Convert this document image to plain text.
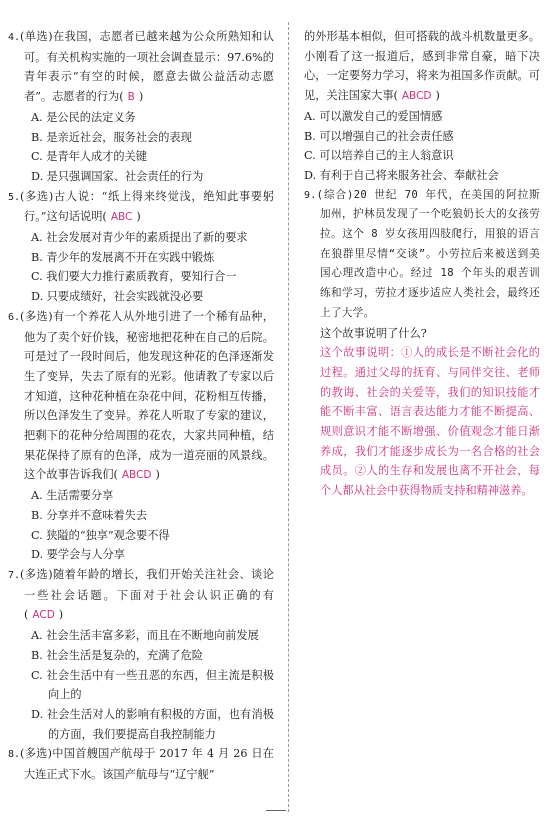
4.(单选)在我国，志愿者已越来越为公众所熟知和认可。有关机构实施的一项社会调查显示：97.6%的青年表示“有空的时候，愿意去做公益活动志愿者”。志愿者的行为( B )
A. 是公民的法定义务
B. 是亲近社会，服务社会的表现
C. 是青年人成才的关键
D. 是只强调国家、社会责任的行为
5.(多选)古人说：“纸上得来终觉浅，绝知此事要躬行。”这句话说明( ABC )
A. 社会发展对青少年的素质提出了新的要求
B. 青少年的发展离不开在实践中锻炼
C. 我们要大力推行素质教育，要知行合一
D. 只要成绩好，社会实践就没必要
6.(多选)有一个养花人从外地引进了一个稀有品种，他为了卖个好价钱，秘密地把花种在自己的后院。可是过了一段时间后，他发现这种花的色泽逐渐发生了变异，失去了原有的光彩。他请教了专家以后才知道，这种花种植在杂花中间，花粉相互传播，所以色泽发生了变异。养花人听取了专家的建议，把剩下的花种分给周围的花农，大家共同种植，结果花保持了原有的色泽，成为一道亮丽的风景线。这个故事告诉我们( ABCD )
A. 生活需要分享
B. 分享并不意味着失去
C. 狭隘的“独享”观念要不得
D. 要学会与人分享
7.(多选)随着年龄的增长，我们开始关注社会、谈论一些社会话题。下面对于社会认识正确的有( ACD )
A. 社会生活丰富多彩，而且在不断地向前发展
B. 社会生活是复杂的，充满了危险
C. 社会生活中有一些丑恶的东西，但主流是积极向上的
D. 社会生活对人的影响有积极的方面，也有消极的方面，我们要提高自我控制能力
8.(多选)中国首艘国产航母于 2017 年 4 月 26 日在大连正式下水。该国产航母与“辽宁舰”
的外形基本相似，但可搭载的战斗机数量更多。小刚看了这一报道后，感到非常自豪，暗下决心，一定要努力学习，将来为祖国多作贡献。可见，关注国家大事( ABCD )
A. 可以激发自己的爱国情感
B. 可以增强自己的社会责任感
C. 可以培养自己的主人翁意识
D. 有利于自己将来服务社会、奉献社会
9.(综合)20 世纪 70 年代，在美国的阿拉斯加州，护林员发现了一个吃狼奶长大的女孩劳拉。这个 8 岁女孩用四肢爬行，用狼的语言在狼群里尽情“交谈”。小劳拉后来被送到美国心理改造中心。经过 18 个年头的艰苦训练和学习，劳拉才逐步适应人类社会，最终还上了大学。
这个故事说明了什么?
这个故事说明：①人的成长是不断社会化的过程。通过父母的抚育、与同伴交往、老师的教诲、社会的关爱等，我们的知识技能才能不断丰富、语言表达能力才能不断提高、规则意识才能不断增强、价值观念才能日渐养成，我们才能逐步成长为一名合格的社会成员。②人的生存和发展也离不开社会，每个人都从社会中获得物质支持和精神滋养。
